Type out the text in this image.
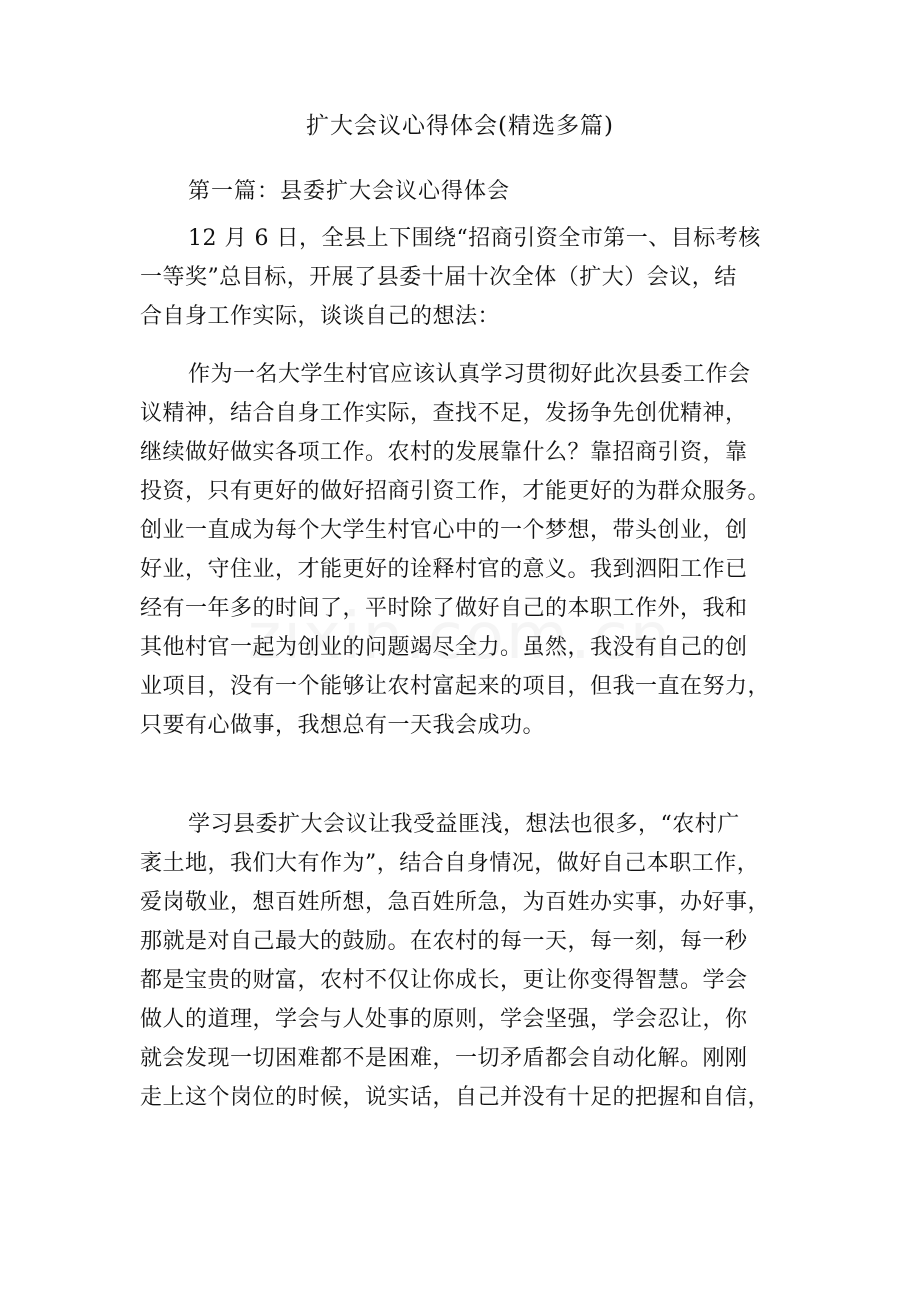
扩大会议心得体会(精选多篇)
第一篇：县委扩大会议心得体会
12 月 6 日，全县上下围绕“招商引资全市第一、目标考核
一等奖”总目标，开展了县委十届十次全体（扩大）会议，结
合自身工作实际，谈谈自己的想法：
作为一名大学生村官应该认真学习贯彻好此次县委工作会
议精神，结合自身工作实际，查找不足，发扬争先创优精神，
继续做好做实各项工作。农村的发展靠什么？靠招商引资，靠
投资，只有更好的做好招商引资工作，才能更好的为群众服务。
创业一直成为每个大学生村官心中的一个梦想，带头创业，创
好业，守住业，才能更好的诠释村官的意义。我到泗阳工作已
经有一年多的时间了，平时除了做好自己的本职工作外，我和
其他村官一起为创业的问题竭尽全力。虽然，我没有自己的创
业项目，没有一个能够让农村富起来的项目，但我一直在努力，
只要有心做事，我想总有一天我会成功。
学习县委扩大会议让我受益匪浅，想法也很多，“农村广
袤土地，我们大有作为”，结合自身情况，做好自己本职工作，
爱岗敬业，想百姓所想，急百姓所急，为百姓办实事，办好事，
那就是对自己最大的鼓励。在农村的每一天，每一刻，每一秒
都是宝贵的财富，农村不仅让你成长，更让你变得智慧。学会
做人的道理，学会与人处事的原则，学会坚强，学会忍让，你
就会发现一切困难都不是困难，一切矛盾都会自动化解。刚刚
走上这个岗位的时候，说实话，自己并没有十足的把握和自信，
